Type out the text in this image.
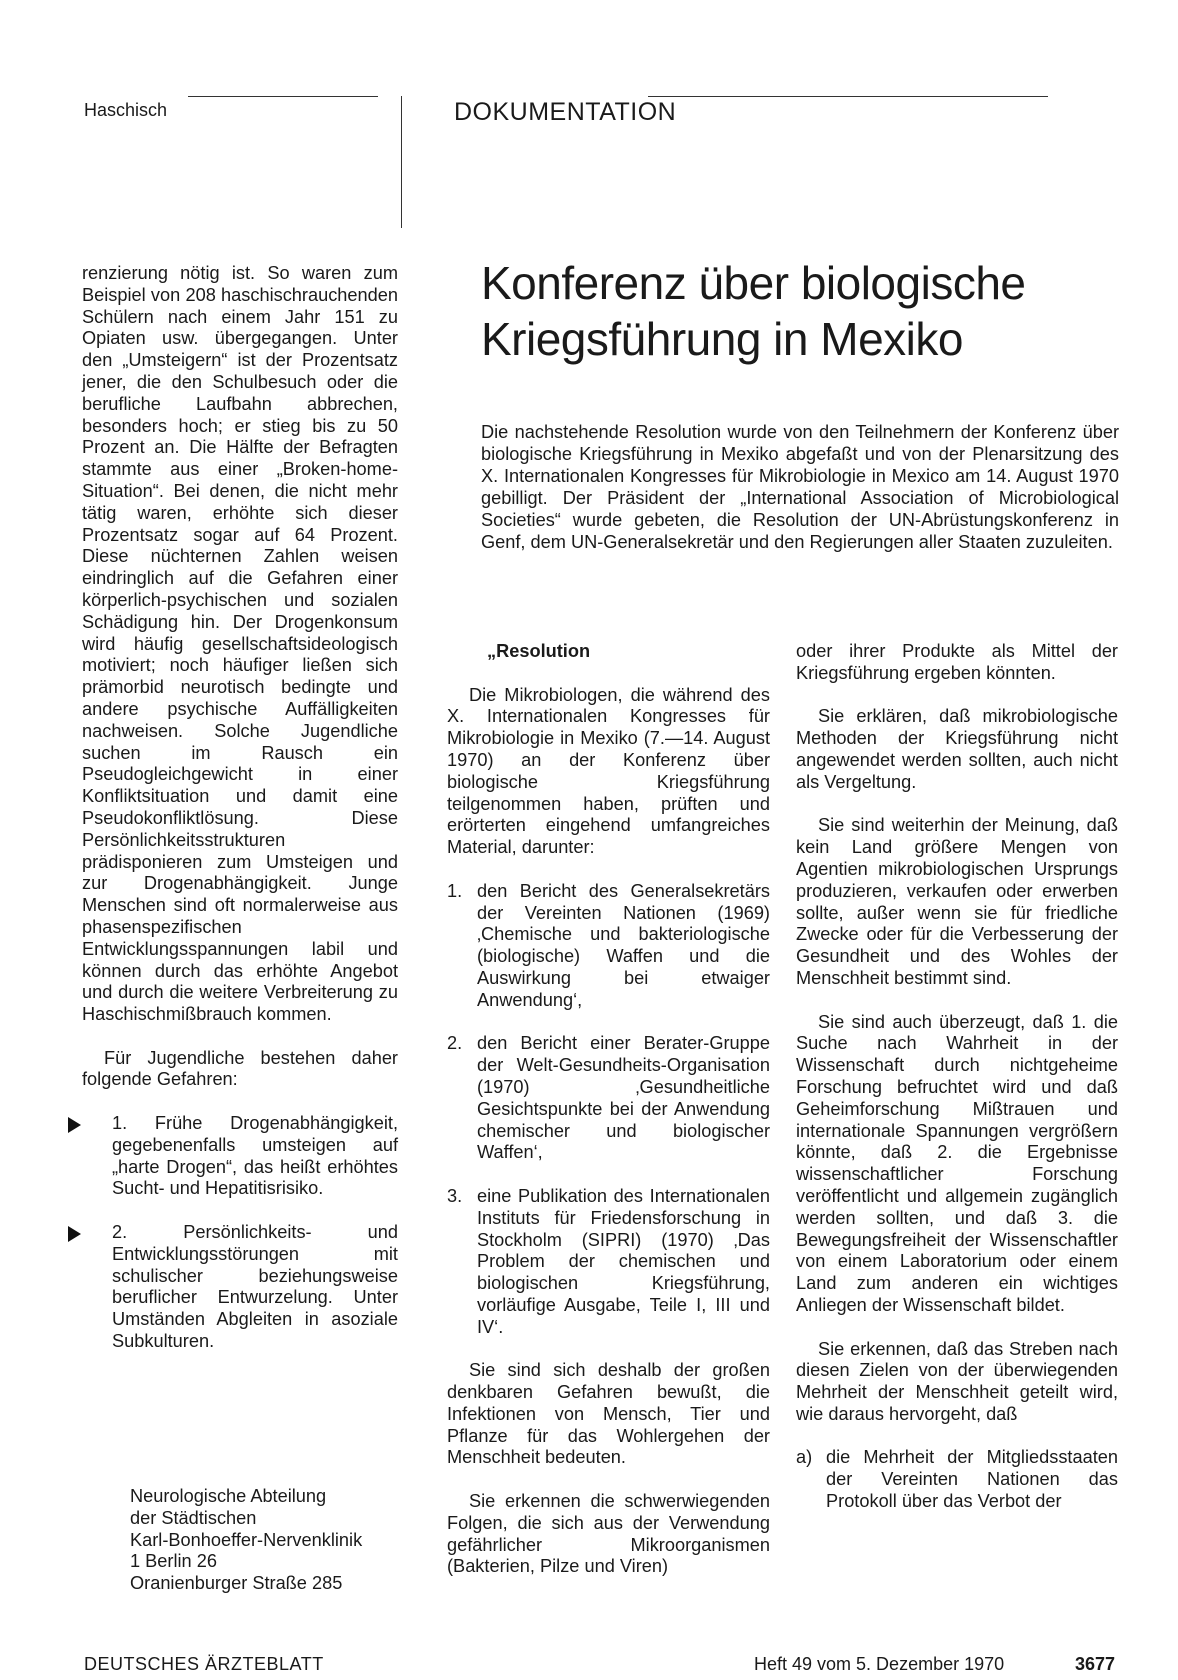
Haschisch	DOKUMENTATION

renzierung nötig ist. So waren zum Beispiel von 208 haschischrauchenden Schülern nach einem Jahr 151 zu Opiaten usw. übergegangen. Unter den „Umsteigern“ ist der Prozentsatz jener, die den Schulbesuch oder die berufliche Laufbahn abbrechen, besonders hoch; er stieg bis zu 50 Prozent an. Die Hälfte der Befragten stammte aus einer „Broken-home-Situation“. Bei denen, die nicht mehr tätig waren, erhöhte sich dieser Prozentsatz sogar auf 64 Prozent. Diese nüchternen Zahlen weisen eindringlich auf die Gefahren einer körperlich-psychischen und sozialen Schädigung hin. Der Drogenkonsum wird häufig gesellschaftsideologisch motiviert; noch häufiger ließen sich prämorbid neurotisch bedingte und andere psychische Auffälligkeiten nachweisen. Solche Jugendliche suchen im Rausch ein Pseudogleichgewicht in einer Konfliktsituation und damit eine Pseudokonfliktlösung. Diese Persönlichkeitsstrukturen prädisponieren zum Umsteigen und zur Drogenabhängigkeit. Junge Menschen sind oft normalerweise aus phasenspezifischen Entwicklungsspannungen labil und können durch das erhöhte Angebot und durch die weitere Verbreiterung zu Haschischmißbrauch kommen.

Für Jugendliche bestehen daher folgende Gefahren:

1. Frühe Drogenabhängigkeit, gegebenenfalls umsteigen auf „harte Drogen“, das heißt erhöhtes Sucht- und Hepatitisrisiko.

2. Persönlichkeits- und Entwicklungsstörungen mit schulischer beziehungsweise beruflicher Entwurzelung. Unter Umständen Abgleiten in asoziale Subkulturen.

Neurologische Abteilung
der Städtischen
Karl-Bonhoeffer-Nervenklinik
1 Berlin 26
Oranienburger Straße 285
Konferenz über biologische
Kriegsführung in Mexiko

Die nachstehende Resolution wurde von den Teilnehmern der Konferenz über biologische Kriegsführung in Mexiko abgefaßt und von der Plenarsitzung des X. Internationalen Kongresses für Mikrobiologie in Mexico am 14. August 1970 gebilligt. Der Präsident der „International Association of Microbiological Societies“ wurde gebeten, die Resolution der UN-Abrüstungskonferenz in Genf, dem UN-Generalsekretär und den Regierungen aller Staaten zuzuleiten.

„Resolution

Die Mikrobiologen, die während des X. Internationalen Kongresses für Mikrobiologie in Mexiko (7.—14. August 1970) an der Konferenz über biologische Kriegsführung teilgenommen haben, prüften und erörterten eingehend umfangreiches Material, darunter:

1. den Bericht des Generalsekretärs der Vereinten Nationen (1969) ‚Chemische und bakteriologische (biologische) Waffen und die Auswirkung bei etwaiger Anwendung‘,

2. den Bericht einer Berater-Gruppe der Welt-Gesundheits-Organisation (1970) ‚Gesundheitliche Gesichtspunkte bei der Anwendung chemischer und biologischer Waffen‘,

3. eine Publikation des Internationalen Instituts für Friedensforschung in Stockholm (SIPRI) (1970) ‚Das Problem der chemischen und biologischen Kriegsführung, vorläufige Ausgabe, Teile I, III und IV‘.

Sie sind sich deshalb der großen denkbaren Gefahren bewußt, die Infektionen von Mensch, Tier und Pflanze für das Wohlergehen der Menschheit bedeuten.

Sie erkennen die schwerwiegenden Folgen, die sich aus der Verwendung gefährlicher Mikroorganismen (Bakterien, Pilze und Viren)

oder ihrer Produkte als Mittel der Kriegsführung ergeben könnten.

Sie erklären, daß mikrobiologische Methoden der Kriegsführung nicht angewendet werden sollten, auch nicht als Vergeltung.

Sie sind weiterhin der Meinung, daß kein Land größere Mengen von Agentien mikrobiologischen Ursprungs produzieren, verkaufen oder erwerben sollte, außer wenn sie für friedliche Zwecke oder für die Verbesserung der Gesundheit und des Wohles der Menschheit bestimmt sind.

Sie sind auch überzeugt, daß 1. die Suche nach Wahrheit in der Wissenschaft durch nichtgeheime Forschung befruchtet wird und daß Geheimforschung Mißtrauen und internationale Spannungen vergrößern könnte, daß 2. die Ergebnisse wissenschaftlicher Forschung veröffentlicht und allgemein zugänglich werden sollten, und daß 3. die Bewegungsfreiheit der Wissenschaftler von einem Laboratorium oder einem Land zum anderen ein wichtiges Anliegen der Wissenschaft bildet.

Sie erkennen, daß das Streben nach diesen Zielen von der überwiegenden Mehrheit der Menschheit geteilt wird, wie daraus hervorgeht, daß

a) die Mehrheit der Mitgliedsstaaten der Vereinten Nationen das Protokoll über das Verbot der

DEUTSCHES ÄRZTEBLATT	Heft 49 vom 5. Dezember 1970	3677
